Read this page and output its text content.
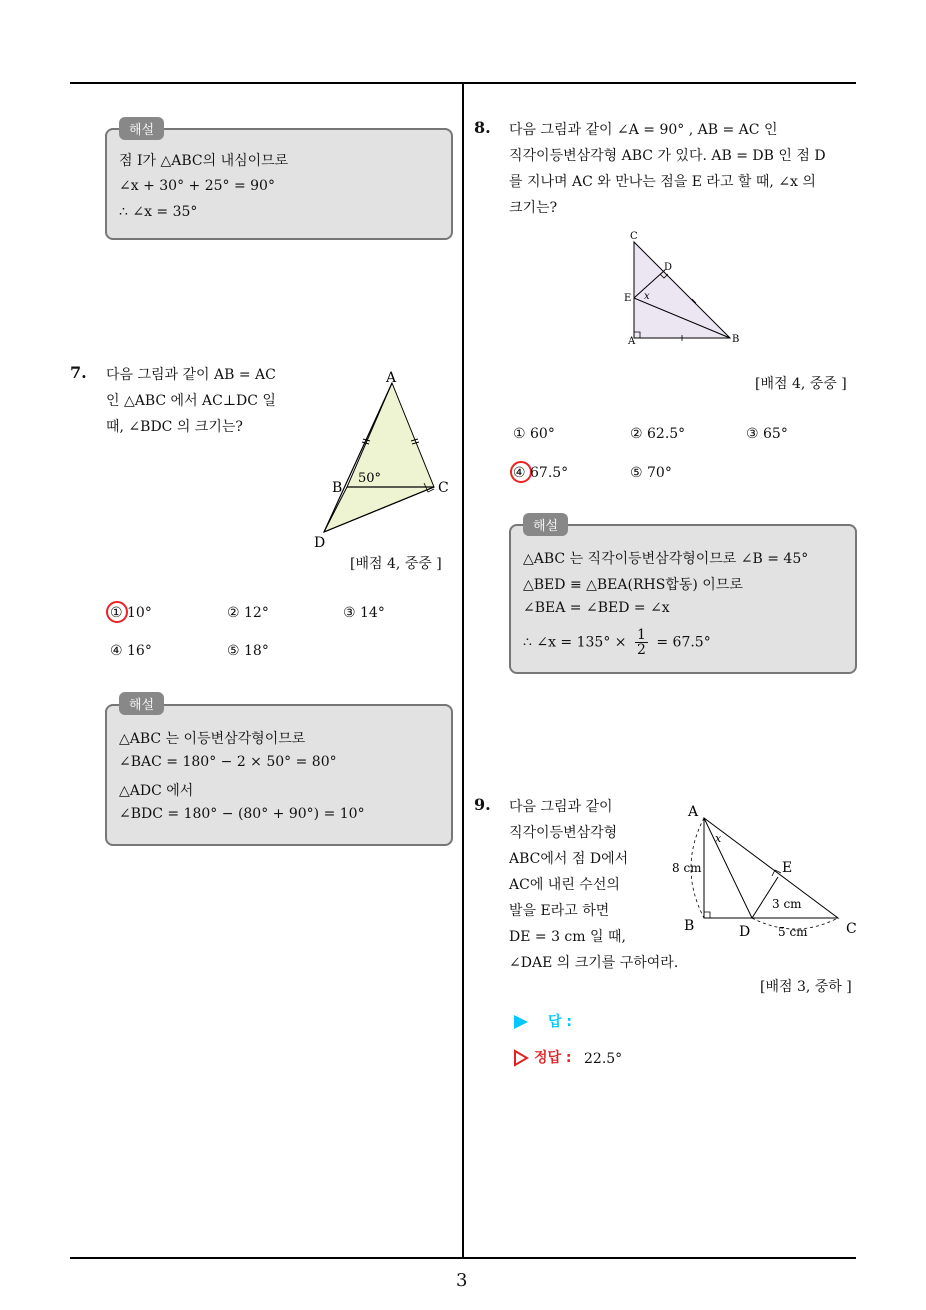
3
점 I가 △ABC의 내심이므로
∠x + 30° + 25° = 90°
∴ ∠x = 35°
해설
7. 다음 그림과 같이 AB = AC
인 △ABC 에서 AC⊥DC 일
때, ∠BDC 의 크기는?
A
B	C
D
50°
[배점 4, 중중 ]
① 10°	② 12°	③ 14°
④ 16°	⑤ 18°
△ABC 는 이등변삼각형이므로
∠BAC = 180° − 2 × 50° = 80°
△ADC 에서
∠BDC = 180° − (80° + 90°) = 10°
해설
8. 다음 그림과 같이 ∠A = 90° , AB = AC 인
직각이등변삼각형 ABC 가 있다. AB = DB 인 점 D
를 지나며 AC 와 만나는 점을 E 라고 할 때, ∠x 의
크기는?
C
D
E x
A	B
[배점 4, 중중 ]
① 60°	② 62.5°	③ 65°
④ 67.5°	⑤ 70°
△ABC 는 직각이등변삼각형이므로 ∠B = 45°
△BED ≡ △BEA(RHS합동) 이므로
∠BEA = ∠BED = ∠x
∴ ∠x = $135^\circ \times \frac{1}{2} = 67.5^\circ$
해설
9. 다음 그림과 같이
직각이등변삼각형
ABC에서 점 D에서
AC에 내린 수선의
발을 E라고 하면
DE = 3 cm 일 때,
∠DAE 의 크기를 구하여라.
A
x
8 cm	E
3 cm
B	D 5 cm	C
[배점 3, 중하 ]
답 :
정답 : 22.5°
